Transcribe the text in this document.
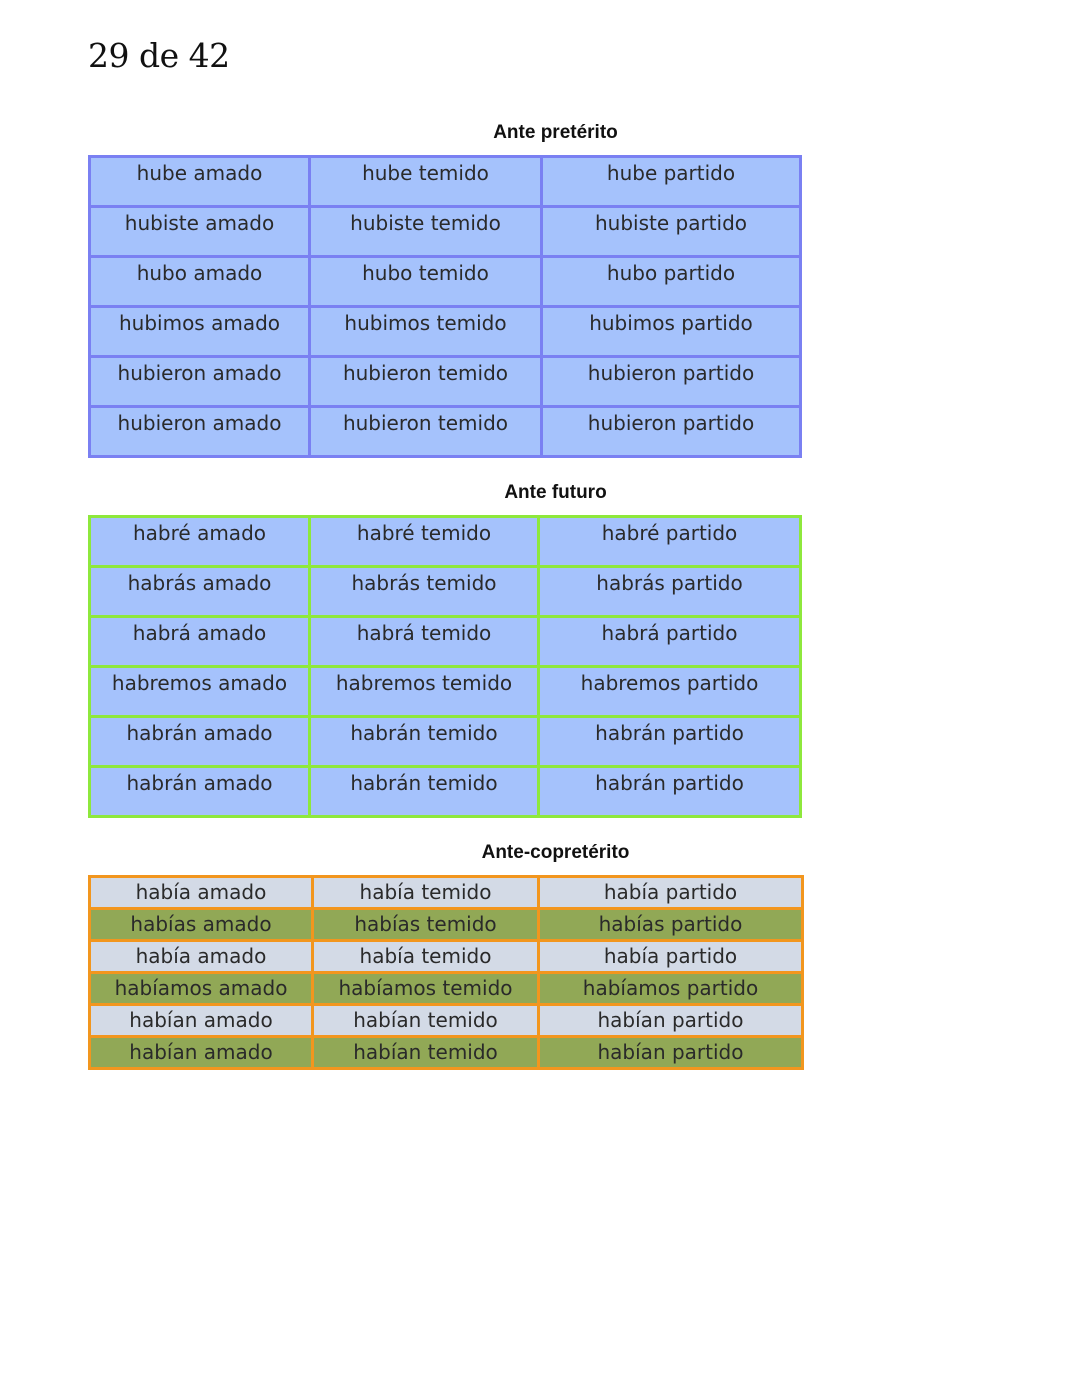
29 de 42
Ante pretérito
hube amado	hube temido	hube partido
hubiste amado	hubiste temido	hubiste partido
hubo amado	hubo temido	hubo partido
hubimos amado	hubimos temido	hubimos partido
hubieron amado	hubieron temido	hubieron partido
hubieron amado	hubieron temido	hubieron partido
Ante futuro
habré amado	habré temido	habré partido
habrás amado	habrás temido	habrás partido
habrá amado	habrá temido	habrá partido
habremos amado	habremos temido	habremos partido
habrán amado	habrán temido	habrán partido
habrán amado	habrán temido	habrán partido
Ante-copretérito
había amado	había temido	había partido
habías amado	habías temido	habías partido
había amado	había temido	había partido
habíamos amado	habíamos temido	habíamos partido
habían amado	habían temido	habían partido
habían amado	habían temido	habían partido
